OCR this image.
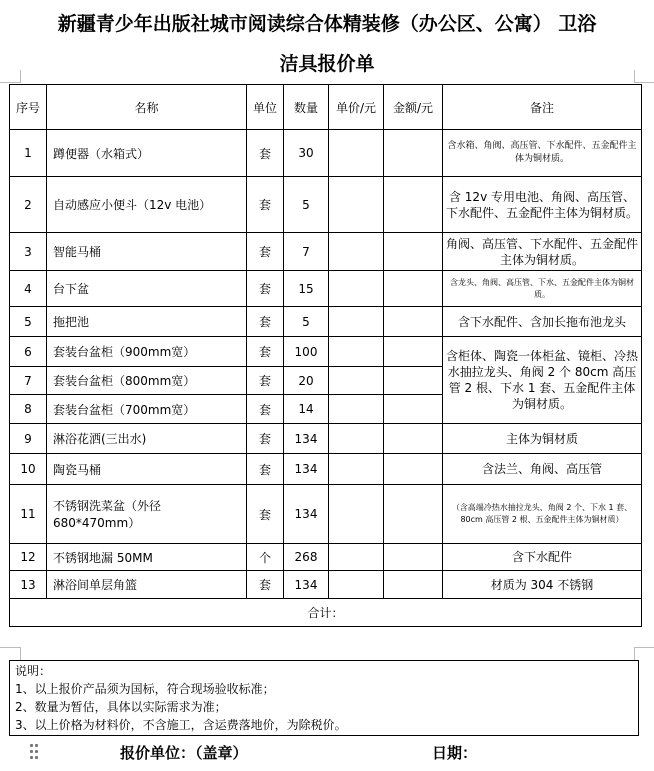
新疆青少年出版社城市阅读综合体精装修（办公区、公寓） 卫浴
洁具报价单
序号	名称	单位	数量	单价/元	金额/元	备注
1	蹲便器（水箱式）	套	30			含水箱、角阀、高压管、下水配件、五金配件主体为铜材质。
2	自动感应小便斗（12v 电池）	套	5			含 12v 专用电池、角阀、高压管、下水配件、五金配件主体为铜材质。
3	智能马桶	套	7			角阀、高压管、下水配件、五金配件主体为铜材质。
4	台下盆	套	15			含龙头、角阀、高压管、下水、五金配件主体为铜材质。
5	拖把池	套	5			含下水配件、含加长拖布池龙头
6	套装台盆柜（900mm宽）	套	100			含柜体、陶瓷一体柜盆、镜柜、冷热水抽拉龙头、角阀 2 个 80cm 高压管 2 根、下水 1 套、五金配件主体为铜材质。
7	套装台盆柜（800mm宽）	套	20			
8	套装台盆柜（700mm宽）	套	14			
9	淋浴花洒(三出水)	套	134			主体为铜材质
10	陶瓷马桶	套	134			含法兰、角阀、高压管
11	不锈钢洗菜盆（外径 680*470mm）	套	134			（含高端冷热水抽拉龙头、角阀 2 个、下水 1 套、80cm 高压管 2 根、五金配件主体为铜材质）
12	不锈钢地漏 50MM	个	268			含下水配件
13	淋浴间单层角篮	套	134			材质为 304 不锈钢
合计：						
说明：
1、以上报价产品须为国标，符合现场验收标准；
2、数量为暂估，具体以实际需求为准；
3、以上价格为材料价，不含施工，含运费落地价，为除税价。
报价单位：（盖章）	日期：
